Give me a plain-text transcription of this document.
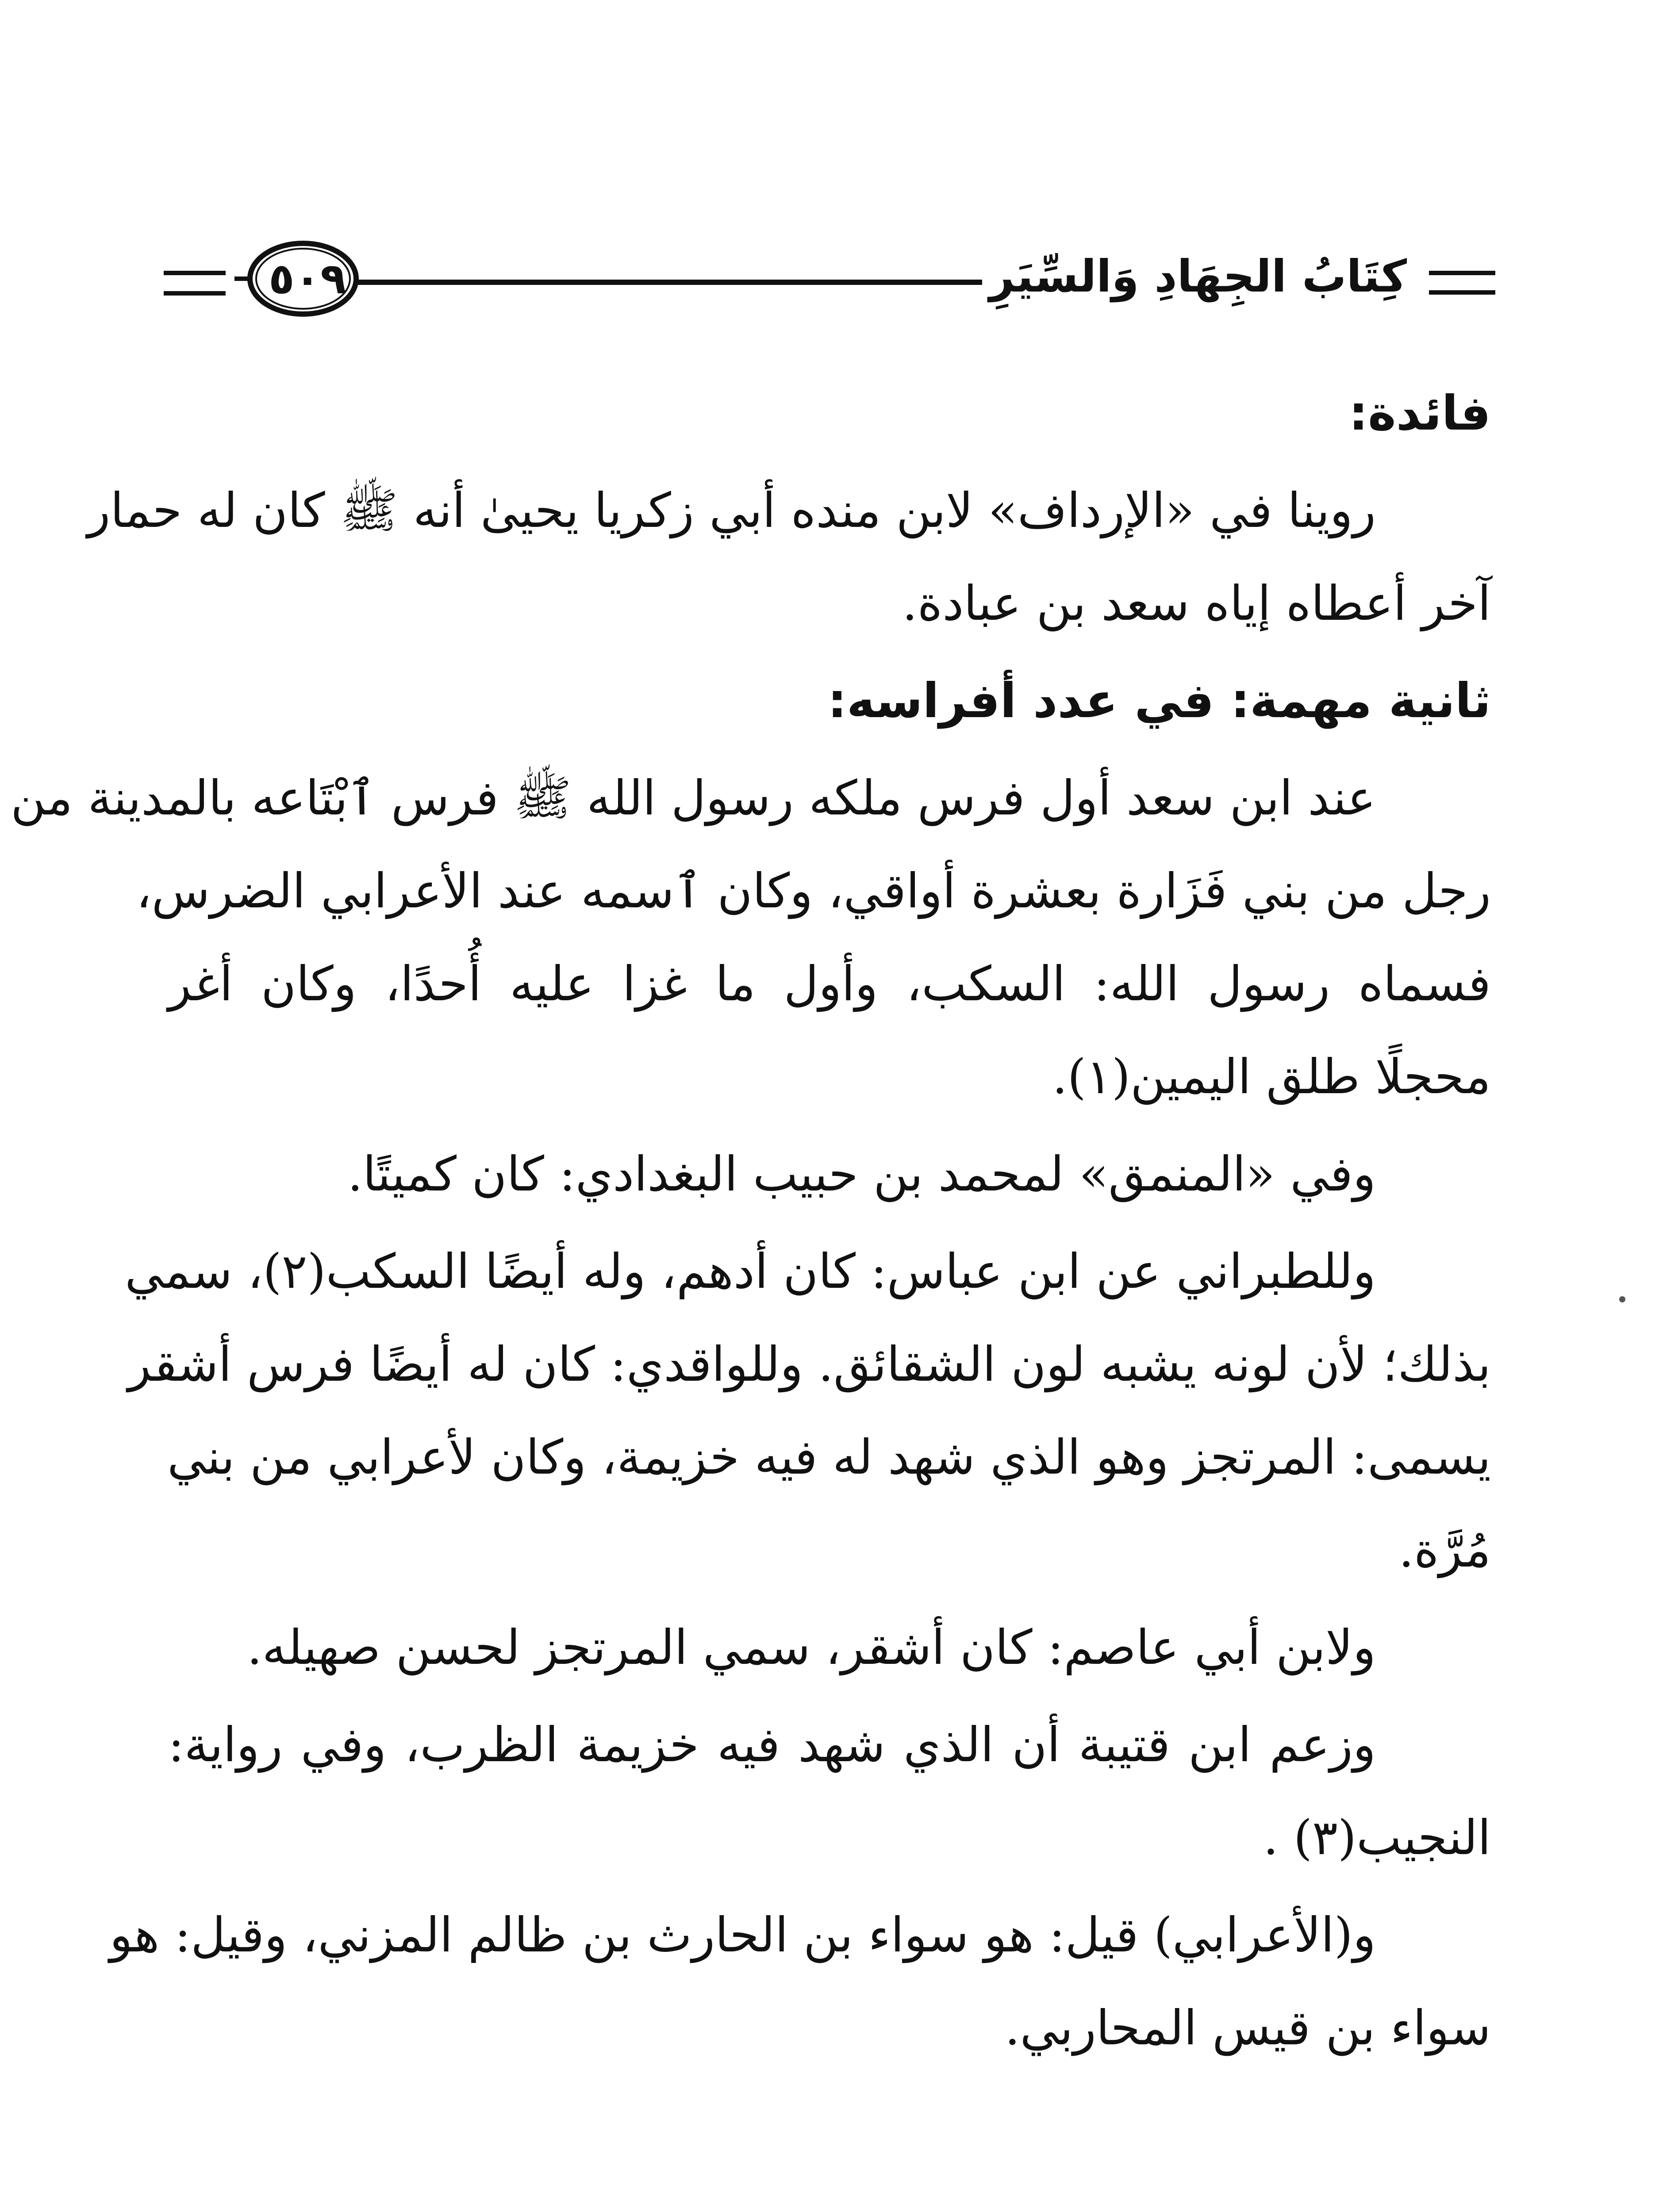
كِتَابُ الجِهَادِ وَالسِّيَرِ
٥٠٩
فائدة:
روينا في «الإرداف» لابن منده أبي زكريا يحيىٰ أنه ﷺ كان له حمار
آخر أعطاه إياه سعد بن عبادة.
ثانية مهمة: في عدد أفراسه:
عند ابن سعد أول فرس ملكه رسول الله ﷺ فرس ٱبْتَاعه بالمدينة من
رجل من بني فَزَارة بعشرة أواقي، وكان ٱسمه عند الأعرابي الضرس،
فسماه رسول الله: السكب، وأول ما غزا عليه أُحدًا، وكان أغر
محجلًا طلق اليمين(١).
وفي «المنمق» لمحمد بن حبيب البغدادي: كان كميتًا.
وللطبراني عن ابن عباس: كان أدهم، وله أيضًا السكب(٢)، سمي
بذلك؛ لأن لونه يشبه لون الشقائق. وللواقدي: كان له أيضًا فرس أشقر
يسمى: المرتجز وهو الذي شهد له فيه خزيمة، وكان لأعرابي من بني
مُرَّة.
ولابن أبي عاصم: كان أشقر، سمي المرتجز لحسن صهيله.
وزعم ابن قتيبة أن الذي شهد فيه خزيمة الظرب، وفي رواية:
النجيب(٣) .
و(الأعرابي) قيل: هو سواء بن الحارث بن ظالم المزني، وقيل: هو
سواء بن قيس المحاربي.
